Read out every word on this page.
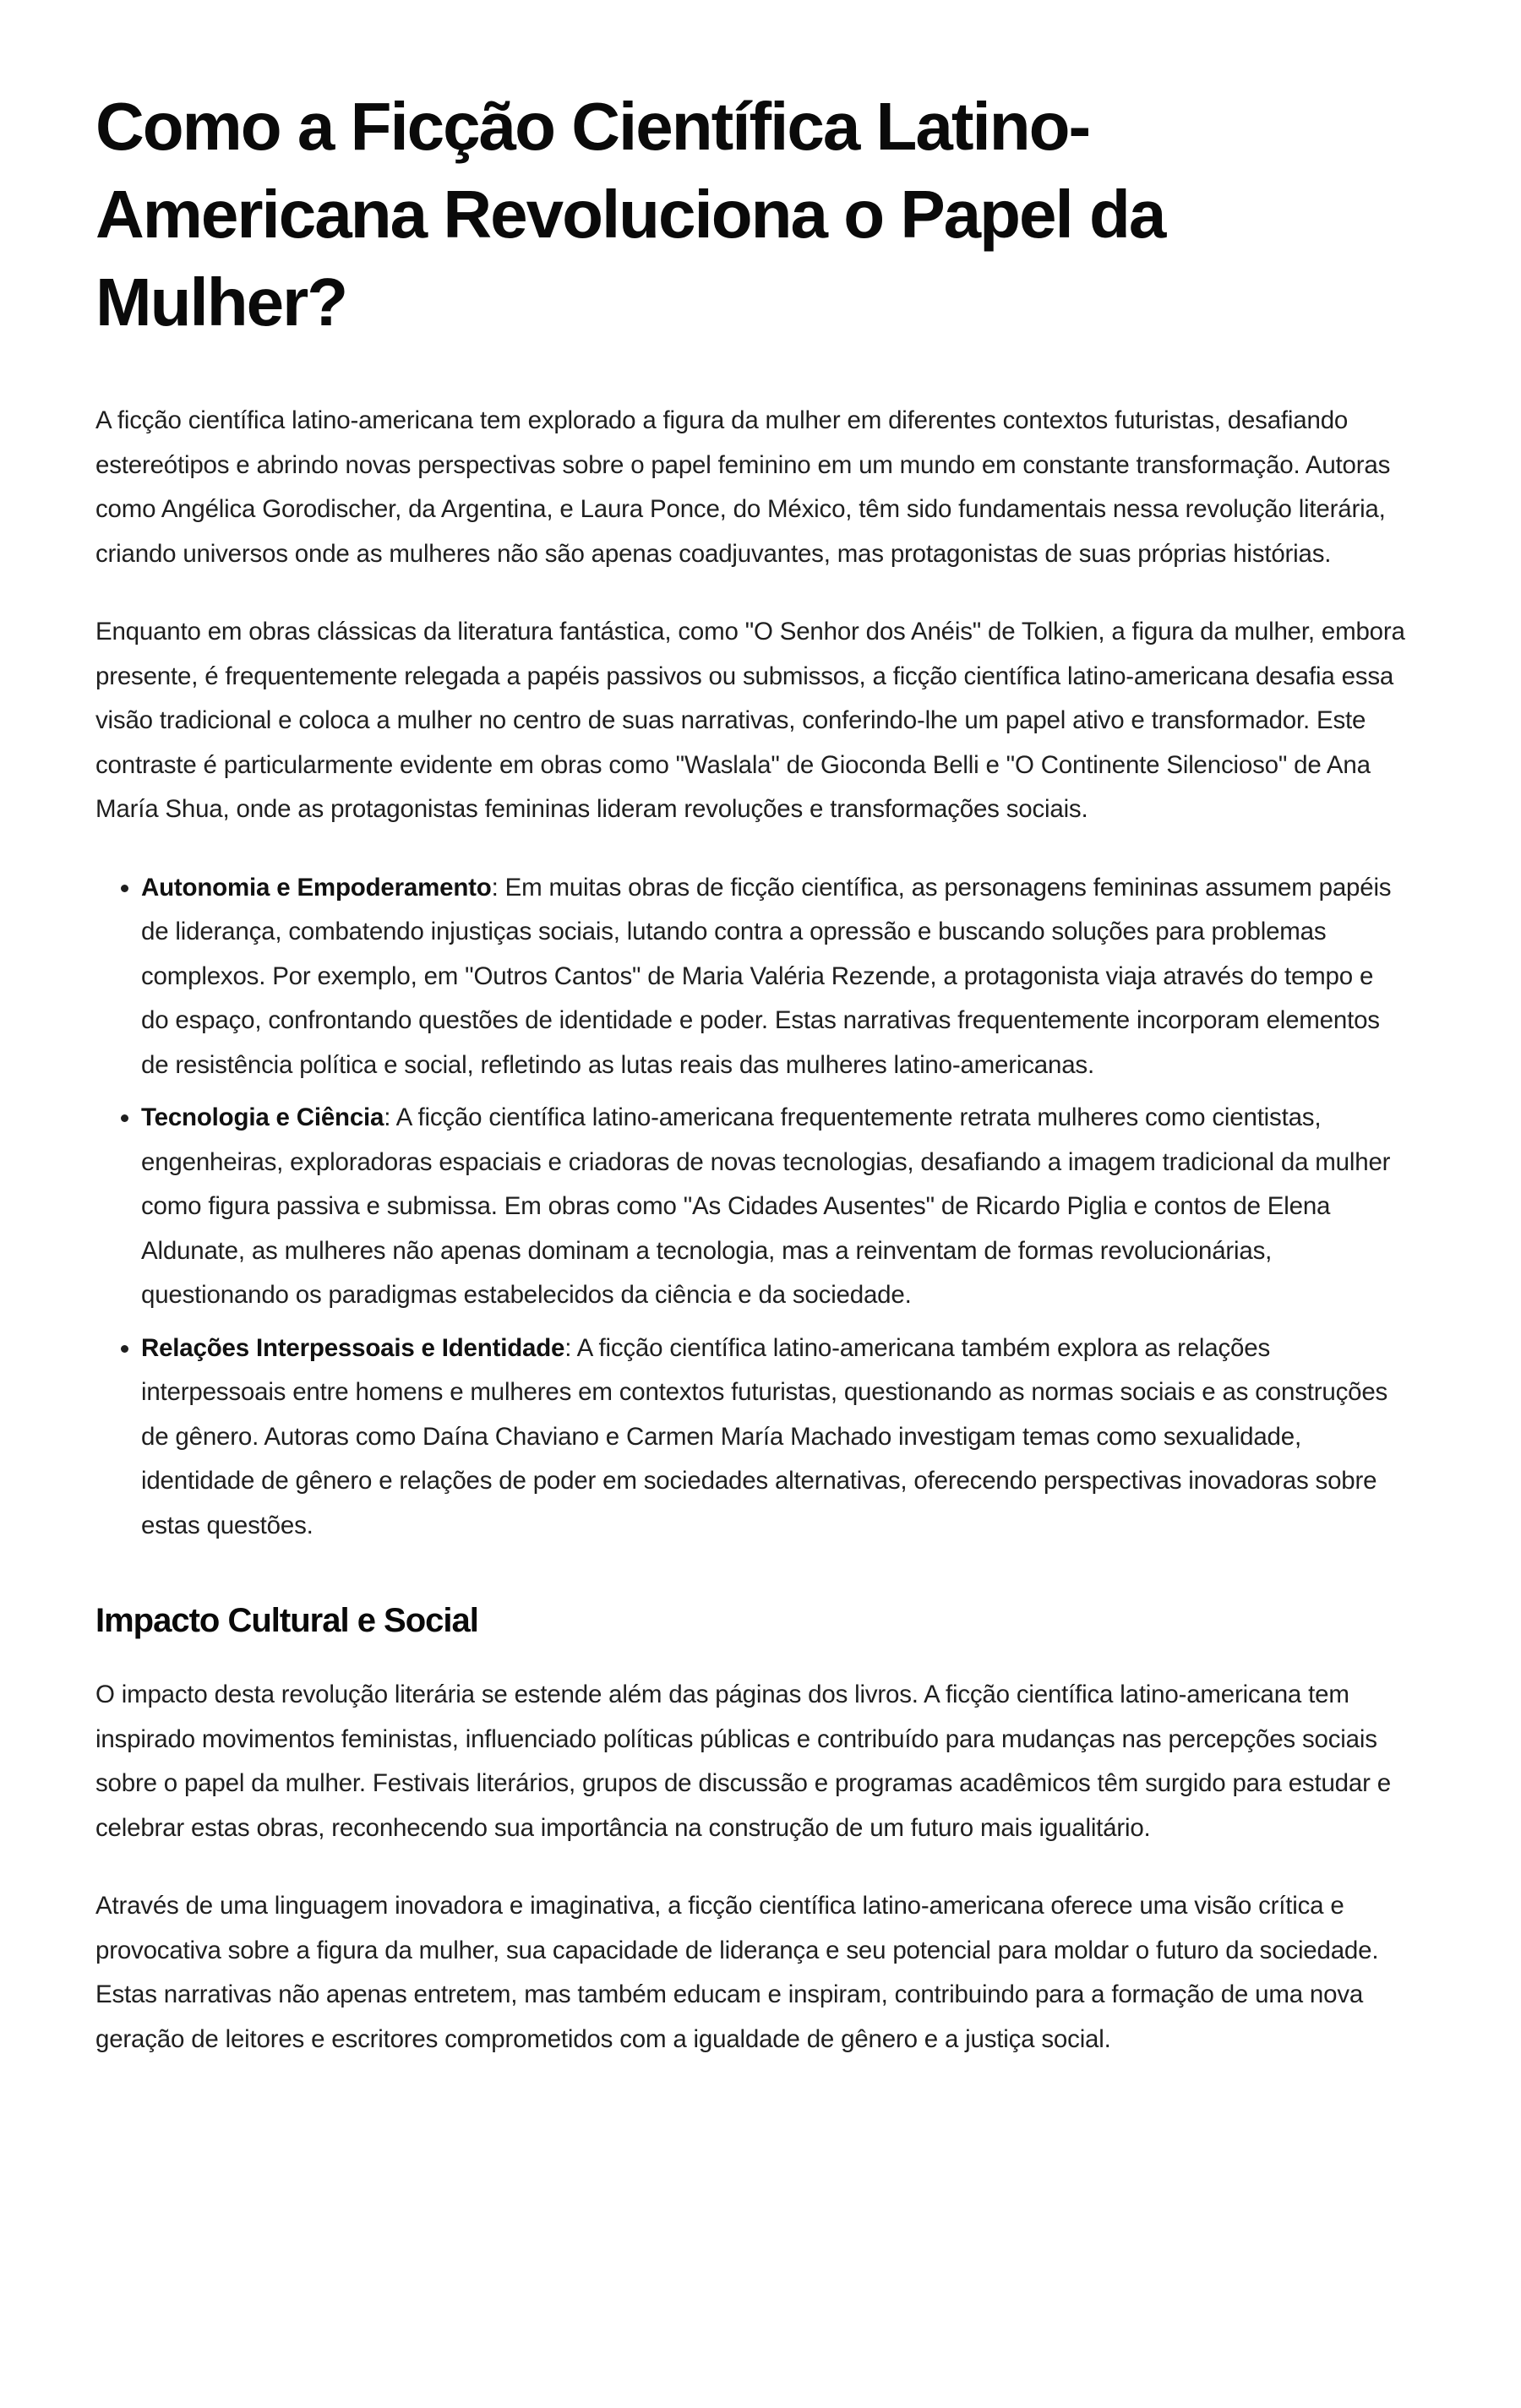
Como a Ficção Científica Latino-Americana Revoluciona o Papel da Mulher?

A ficção científica latino-americana tem explorado a figura da mulher em diferentes contextos futuristas, desafiando estereótipos e abrindo novas perspectivas sobre o papel feminino em um mundo em constante transformação. Autoras como Angélica Gorodischer, da Argentina, e Laura Ponce, do México, têm sido fundamentais nessa revolução literária, criando universos onde as mulheres não são apenas coadjuvantes, mas protagonistas de suas próprias histórias.

Enquanto em obras clássicas da literatura fantástica, como "O Senhor dos Anéis" de Tolkien, a figura da mulher, embora presente, é frequentemente relegada a papéis passivos ou submissos, a ficção científica latino-americana desafia essa visão tradicional e coloca a mulher no centro de suas narrativas, conferindo-lhe um papel ativo e transformador. Este contraste é particularmente evidente em obras como "Waslala" de Gioconda Belli e "O Continente Silencioso" de Ana María Shua, onde as protagonistas femininas lideram revoluções e transformações sociais.

• Autonomia e Empoderamento: Em muitas obras de ficção científica, as personagens femininas assumem papéis de liderança, combatendo injustiças sociais, lutando contra a opressão e buscando soluções para problemas complexos. Por exemplo, em "Outros Cantos" de Maria Valéria Rezende, a protagonista viaja através do tempo e do espaço, confrontando questões de identidade e poder. Estas narrativas frequentemente incorporam elementos de resistência política e social, refletindo as lutas reais das mulheres latino-americanas.
• Tecnologia e Ciência: A ficção científica latino-americana frequentemente retrata mulheres como cientistas, engenheiras, exploradoras espaciais e criadoras de novas tecnologias, desafiando a imagem tradicional da mulher como figura passiva e submissa. Em obras como "As Cidades Ausentes" de Ricardo Piglia e contos de Elena Aldunate, as mulheres não apenas dominam a tecnologia, mas a reinventam de formas revolucionárias, questionando os paradigmas estabelecidos da ciência e da sociedade.
• Relações Interpessoais e Identidade: A ficção científica latino-americana também explora as relações interpessoais entre homens e mulheres em contextos futuristas, questionando as normas sociais e as construções de gênero. Autoras como Daína Chaviano e Carmen María Machado investigam temas como sexualidade, identidade de gênero e relações de poder em sociedades alternativas, oferecendo perspectivas inovadoras sobre estas questões.
Impacto Cultural e Social

O impacto desta revolução literária se estende além das páginas dos livros. A ficção científica latino-americana tem inspirado movimentos feministas, influenciado políticas públicas e contribuído para mudanças nas percepções sociais sobre o papel da mulher. Festivais literários, grupos de discussão e programas acadêmicos têm surgido para estudar e celebrar estas obras, reconhecendo sua importância na construção de um futuro mais igualitário.

Através de uma linguagem inovadora e imaginativa, a ficção científica latino-americana oferece uma visão crítica e provocativa sobre a figura da mulher, sua capacidade de liderança e seu potencial para moldar o futuro da sociedade. Estas narrativas não apenas entretem, mas também educam e inspiram, contribuindo para a formação de uma nova geração de leitores e escritores comprometidos com a igualdade de gênero e a justiça social.
